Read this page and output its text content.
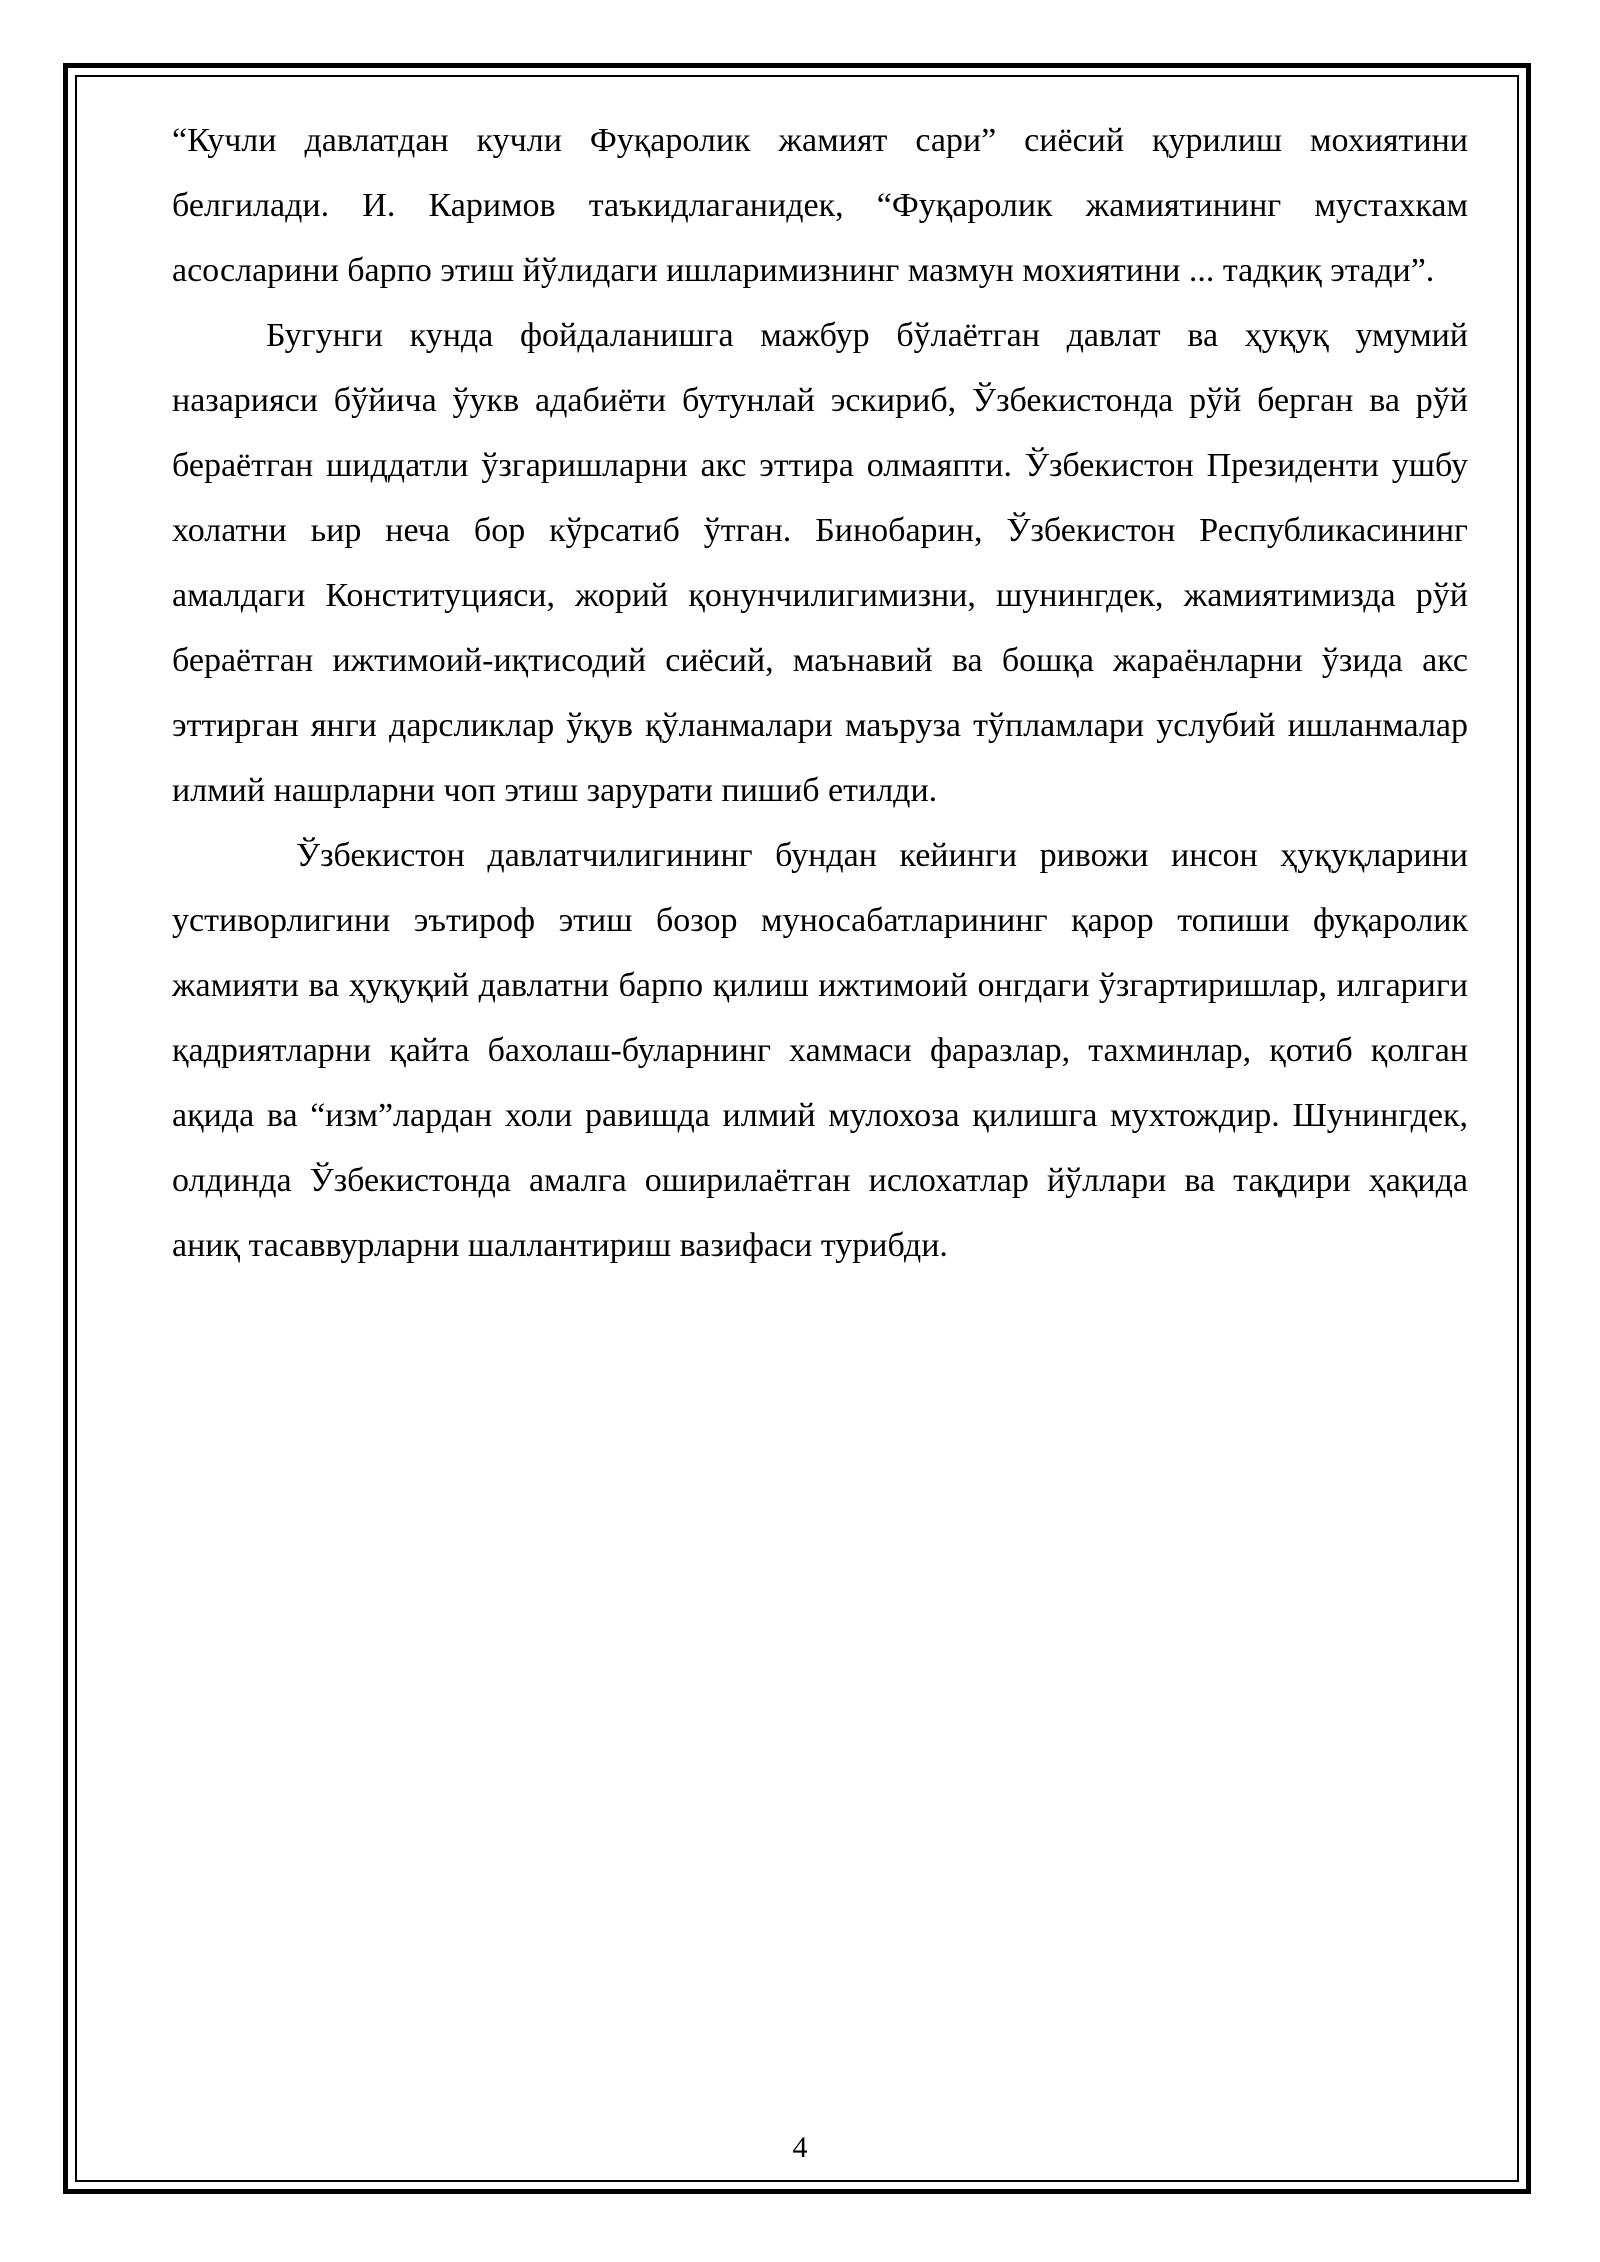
“Кучли давлатдан кучли Фуқаролик жамият сари” сиёсий қурилиш мохиятини белгилади. И. Каримов таъкидлаганидек, “Фуқаролик жамиятининг мустахкам асосларини барпо этиш йўлидаги ишларимизнинг мазмун мохиятини ... тадқиқ этади”.

Бугунги кунда фойдаланишга мажбур бўлаётган давлат ва ҳуқуқ умумий назарияси бўйича ўукв адабиёти бутунлай эскириб, Ўзбекистонда рўй берган ва рўй бераётган шиддатли ўзгаришларни акс эттира олмаяпти. Ўзбекистон Президенти ушбу холатни ьир неча бор кўрсатиб ўтган. Бинобарин, Ўзбекистон Республикасининг амалдаги Конституцияси, жорий қонунчилигимизни, шунингдек, жамиятимизда рўй бераётган ижтимоий-иқтисодий сиёсий, маънавий ва бошқа жараёнларни ўзида акс эттирган янги дарсликлар ўқув қўланмалари маъруза тўпламлари услубий ишланмалар илмий нашрларни чоп этиш зарурати пишиб етилди.

Ўзбекистон давлатчилигининг бундан кейинги ривожи инсон ҳуқуқларини устиворлигини эътироф этиш бозор муносабатларининг қарор топиши фуқаролик жамияти ва ҳуқуқий давлатни барпо қилиш ижтимоий онгдаги ўзгартиришлар, илгариги қадриятларни қайта бахолаш-буларнинг хаммаси фаразлар, тахминлар, қотиб қолган ақида ва “изм”лардан холи равишда илмий мулохоза қилишга мухтождир. Шунингдек, олдинда Ўзбекистонда амалга оширилаётган ислохатлар йўллари ва тақдири ҳақида аниқ тасаввурларни шаллантириш вазифаси турибди.

4
